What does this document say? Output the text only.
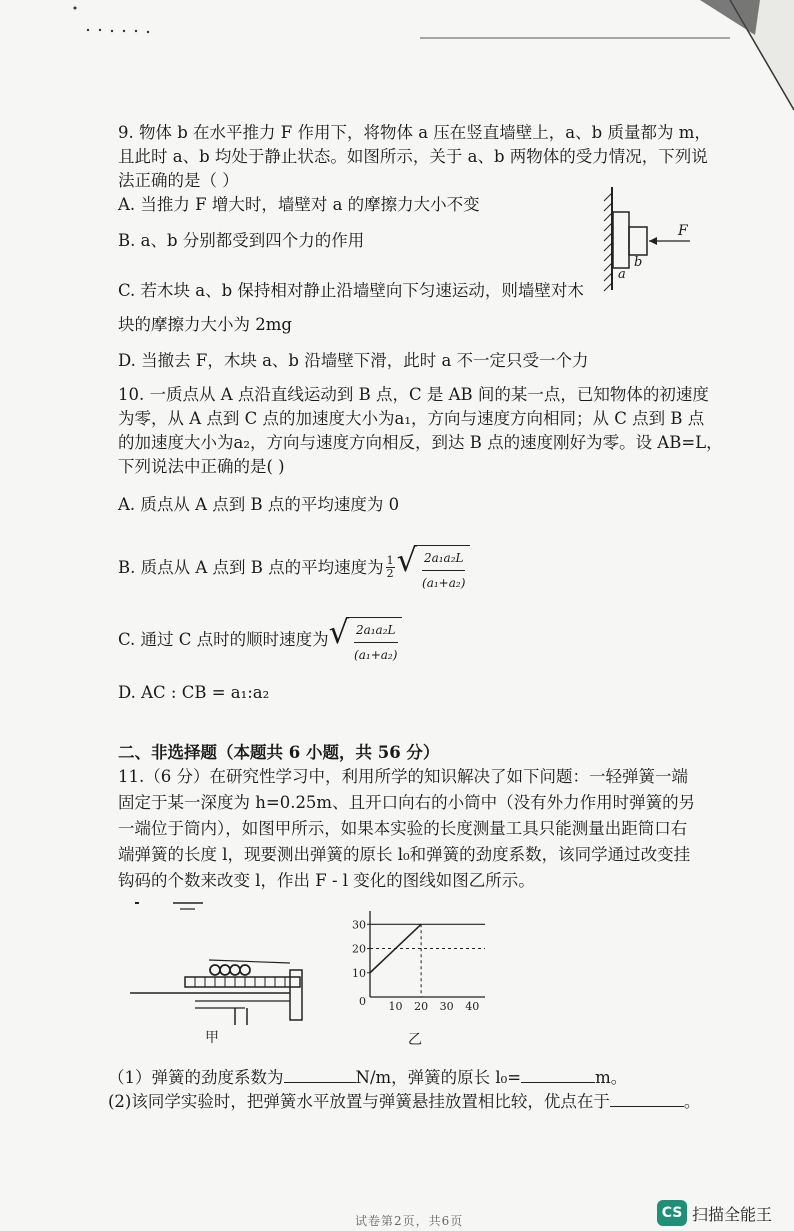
9. 物体 b 在水平推力 F 作用下，将物体 a 压在竖直墙壁上，a、b 质量都为 m，
且此时 a、b 均处于静止状态。如图所示，关于 a、b 两物体的受力情况，下列说
法正确的是（ ）
A. 当推力 F 增大时，墙壁对 a 的摩擦力大小不变
B. a、b 分别都受到四个力的作用
C. 若木块 a、b 保持相对静止沿墙壁向下匀速运动，则墙壁对木
块的摩擦力大小为 2mg
D. 当撤去 F，木块 a、b 沿墙壁下滑，此时 a 不一定只受一个力
F
a
b
10. 一质点从 A 点沿直线运动到 B 点，C 是 AB 间的某一点，已知物体的初速度
为零，从 A 点到 C 点的加速度大小为a₁，方向与速度方向相同；从 C 点到 B 点
的加速度大小为a₂，方向与速度方向相反，到达 B 点的速度刚好为零。设 AB=L，
下列说法中正确的是( )
A. 质点从 A 点到 B 点的平均速度为 0
B. 质点从 A 点到 B 点的平均速度为 $\frac{1}{2}$ √ $\frac{\text{2a₁a₂L}}{\text{(a₁+a₂)}}$
C. 通过 C 点时的顺时速度为 √ $\frac{\text{2a₁a₂L}}{\text{(a₁+a₂)}}$
D. AC : CB = a₁:a₂
二、非选择题（本题共 6 小题，共 56 分）
11.（6 分）在研究性学习中，利用所学的知识解决了如下问题：一轻弹簧一端
固定于某一深度为 h=0.25m、且开口向右的小筒中（没有外力作用时弹簧的另
一端位于筒内），如图甲所示，如果本实验的长度测量工具只能测量出距筒口右
端弹簧的长度 l，现要测出弹簧的原长 l₀和弹簧的劲度系数，该同学通过改变挂
钩码的个数来改变 l，作出 F - l 变化的图线如图乙所示。
甲
10
20
30
10 20 30 40
0
乙
（1）弹簧的劲度系数为	N/m，弹簧的原长 l₀=	m。
(2)该同学实验时，把弹簧水平放置与弹簧悬挂放置相比较，优点在于	。
试卷第2页，共6页	CS 扫描全能王
